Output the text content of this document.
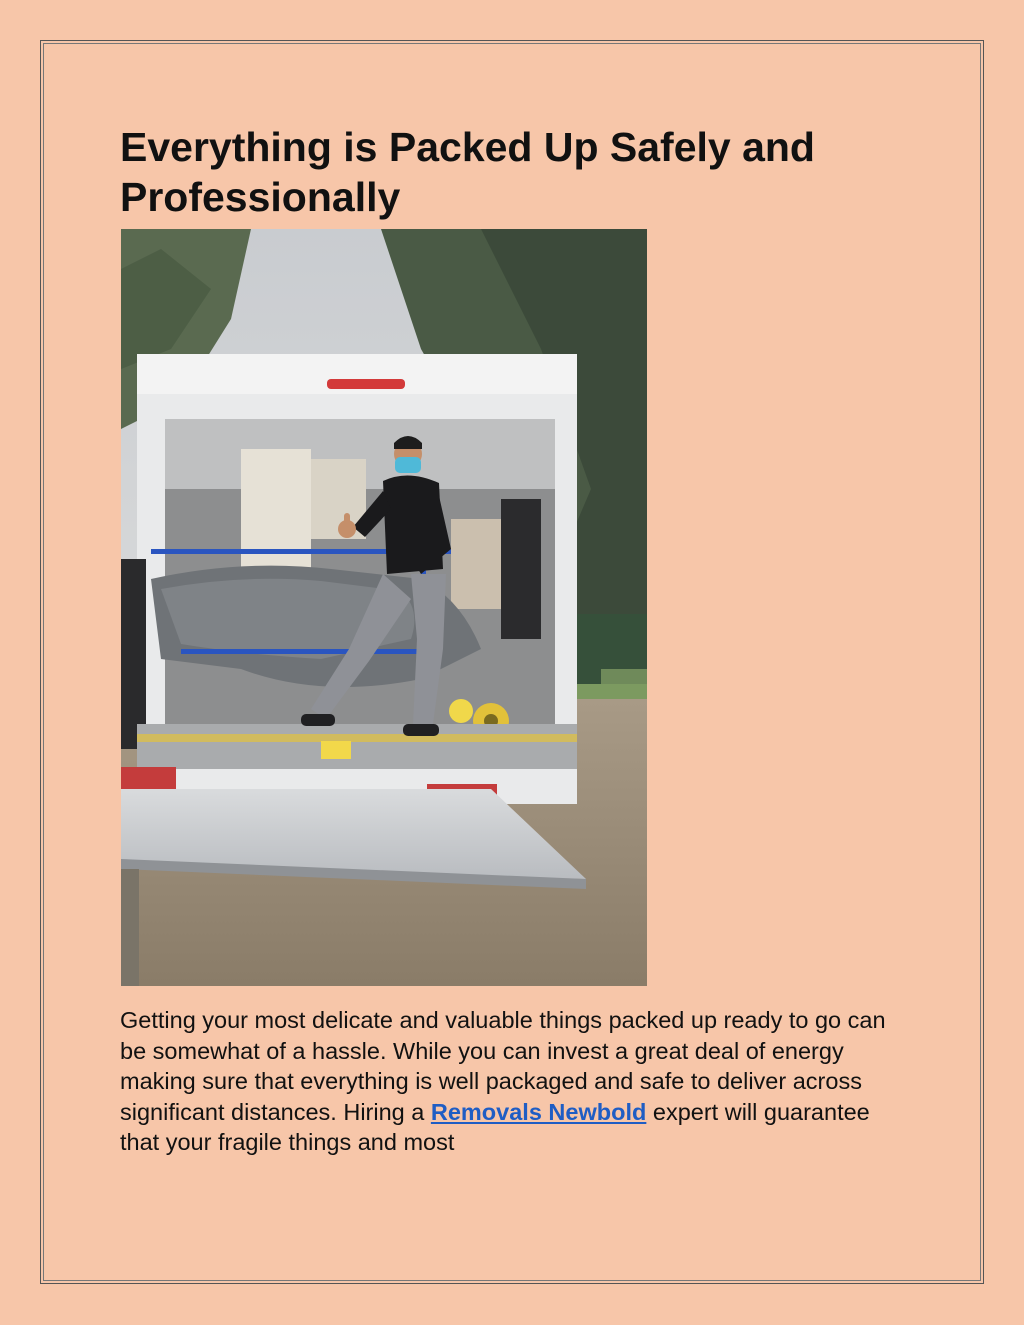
Everything is Packed Up Safely and Professionally

Getting your most delicate and valuable things packed up ready to go can be somewhat of a hassle. While you can invest a great deal of energy making sure that everything is well packaged and safe to deliver across significant distances. Hiring a Removals Newbold expert will guarantee that your fragile things and most
